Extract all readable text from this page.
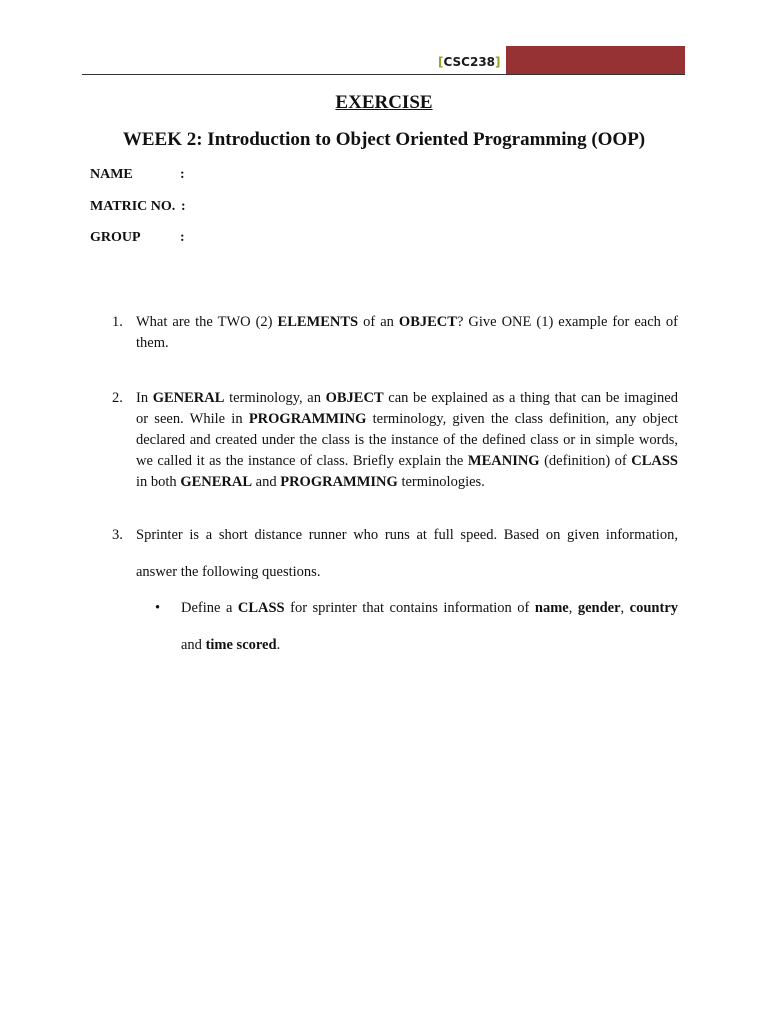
[CSC238]
EXERCISE
WEEK 2: Introduction to Object Oriented Programming (OOP)
NAME	:
MATRIC NO. :
GROUP	:
1. What are the TWO (2) ELEMENTS of an OBJECT? Give ONE (1) example for each of them.
2. In GENERAL terminology, an OBJECT can be explained as a thing that can be imagined or seen. While in PROGRAMMING terminology, given the class definition, any object declared and created under the class is the instance of the defined class or in simple words, we called it as the instance of class. Briefly explain the MEANING (definition) of CLASS in both GENERAL and PROGRAMMING terminologies.
3. Sprinter is a short distance runner who runs at full speed. Based on given information, answer the following questions.
• Define a CLASS for sprinter that contains information of name, gender, country and time scored.
